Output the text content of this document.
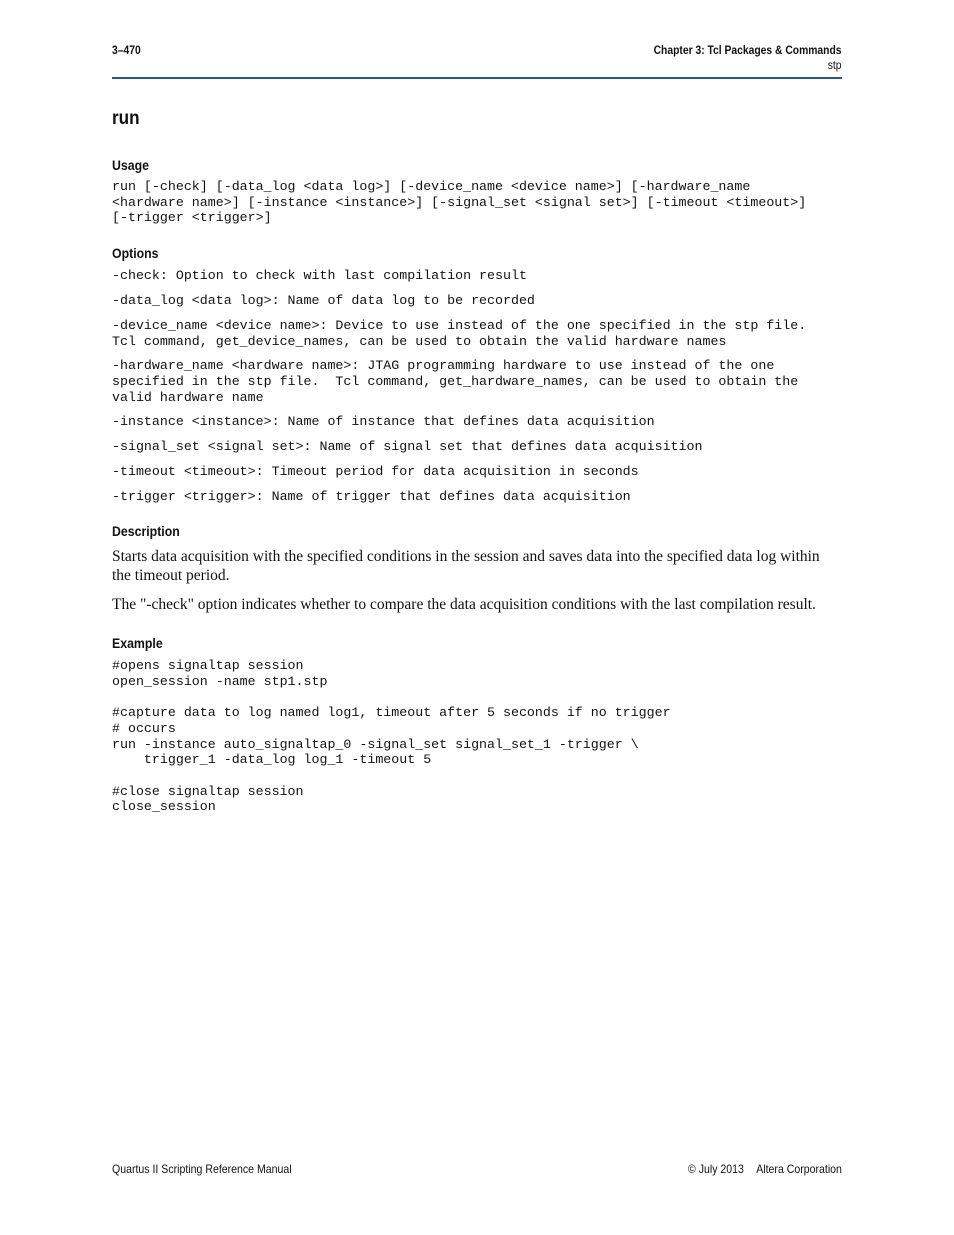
3–470	Chapter 3: Tcl Packages & Commands
stp
run
Usage
run [-check] [-data_log <data log>] [-device_name <device name>] [-hardware_name
<hardware name>] [-instance <instance>] [-signal_set <signal set>] [-timeout <timeout>]
[-trigger <trigger>]
Options
-check: Option to check with last compilation result
-data_log <data log>: Name of data log to be recorded
-device_name <device name>: Device to use instead of the one specified in the stp file.
Tcl command, get_device_names, can be used to obtain the valid hardware names
-hardware_name <hardware name>: JTAG programming hardware to use instead of the one
specified in the stp file.  Tcl command, get_hardware_names, can be used to obtain the
valid hardware name
-instance <instance>: Name of instance that defines data acquisition
-signal_set <signal set>: Name of signal set that defines data acquisition
-timeout <timeout>: Timeout period for data acquisition in seconds
-trigger <trigger>: Name of trigger that defines data acquisition
Description

Starts data acquisition with the specified conditions in the session and saves data into the specified data log within the timeout period.

The "-check" option indicates whether to compare the data acquisition conditions with the last compilation result.

Example
#opens signaltap session
open_session -name stp1.stp

#capture data to log named log1, timeout after 5 seconds if no trigger
# occurs
run -instance auto_signaltap_0 -signal_set signal_set_1 -trigger \
trigger_1 -data_log log_1 -timeout 5

#close signaltap session
close_session
Quartus II Scripting Reference Manual	© July 2013 Altera Corporation
